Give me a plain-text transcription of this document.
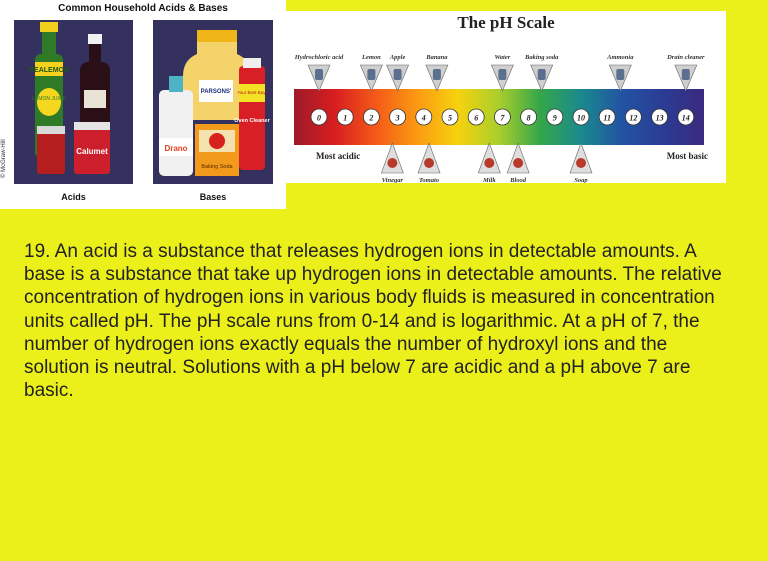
Common Household Acids & Bases
REALEMON
LEMON JUICE
Calumet
PARSONS' Your Best Buy!
Oven Cleaner
Drano
Baking Soda
Acids	Bases
© McGraw-Hill
The pH Scale
0	1	2	3	4	5	6	7	8	9	10 11 12 13 14
Hydrochloric acid	Lemon Apple	Banana	Water Baking soda	Ammonia	Drain cleaner
Vinegar Tomato	Milk Blood	Soap
Most acidic	Most basic
19. An acid is a substance that releases hydrogen ions in detectable amounts. A base is a substance that take up hydrogen ions in detectable amounts. The relative concentration of hydrogen ions in various body fluids is measured in concentration units called pH. The pH scale runs from 0-14 and is logarithmic. At a pH of 7, the number of hydrogen ions exactly equals the number of hydroxyl ions and the solution is neutral. Solutions with a pH below 7 are acidic and a pH above 7 are basic.
